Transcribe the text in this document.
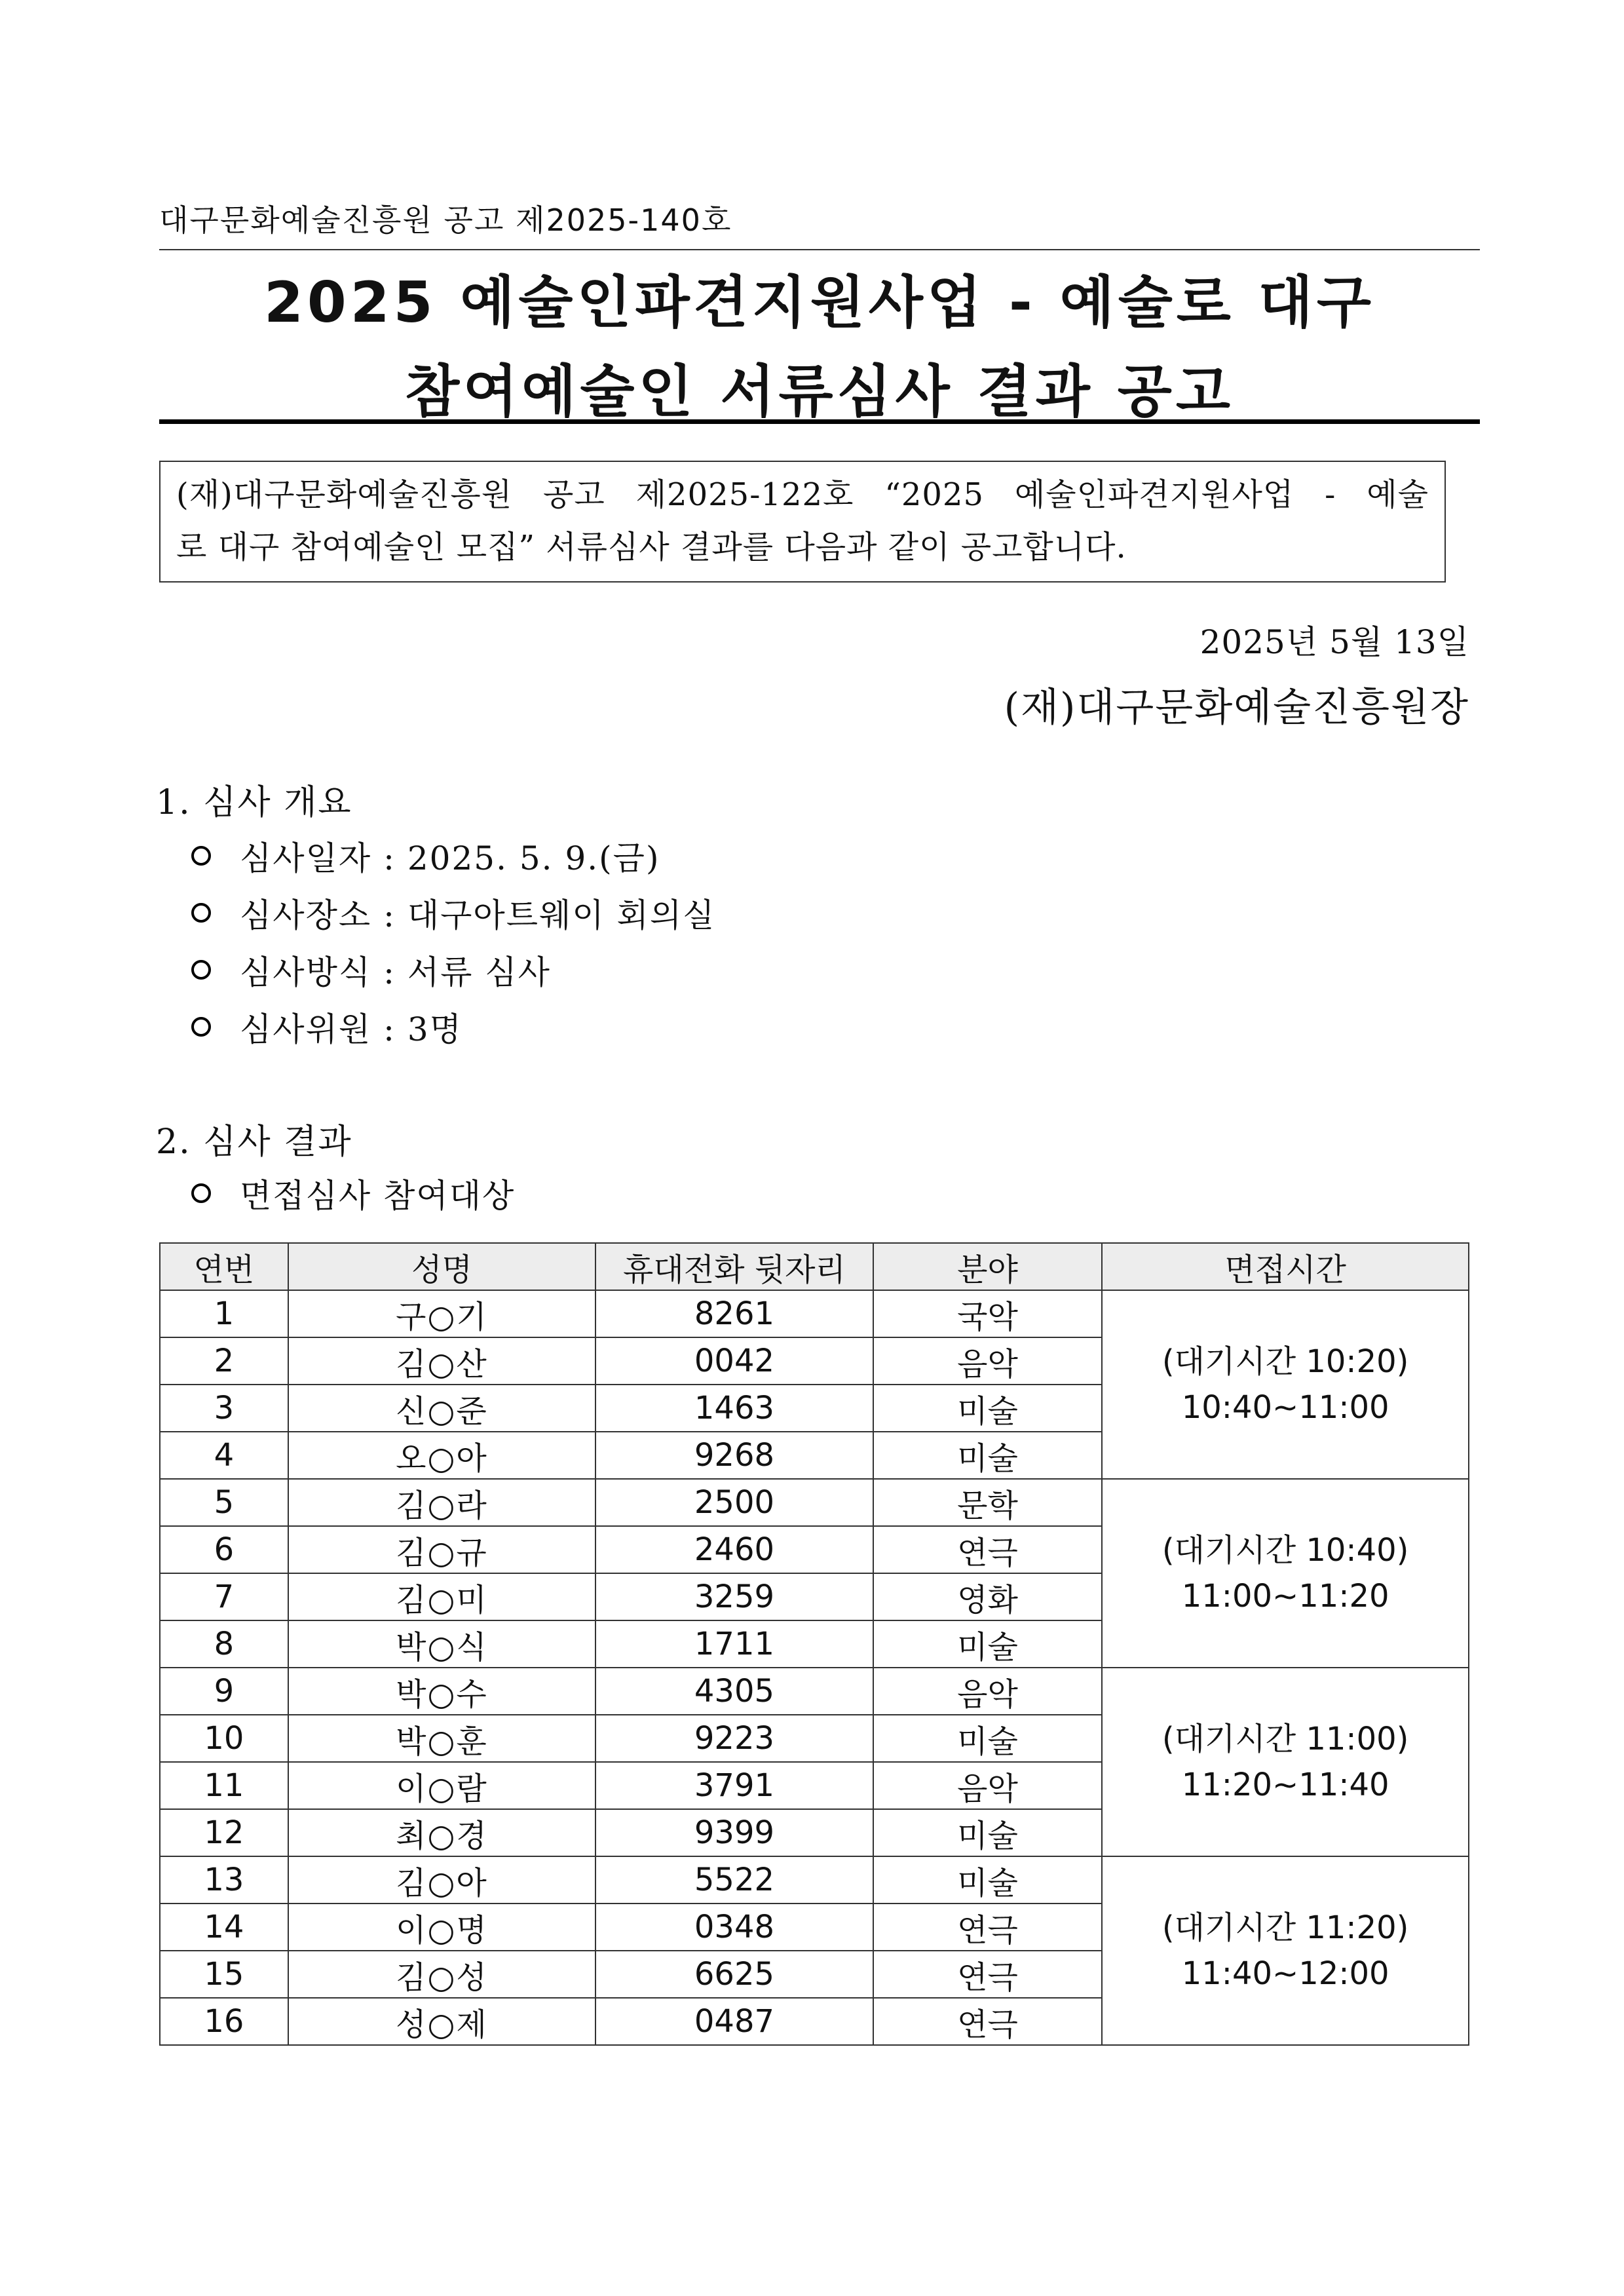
대구문화예술진흥원 공고 제2025-140호
2025 예술인파견지원사업 - 예술로 대구
참여예술인 서류심사 결과 공고
(재)대구문화예술진흥원 공고 제2025-122호 “2025 예술인파견지원사업 - 예술
로 대구 참여예술인 모집” 서류심사 결과를 다음과 같이 공고합니다.
2025년 5월 13일
(재)대구문화예술진흥원장
1. 심사 개요
심사일자 : 2025. 5. 9.(금)
심사장소 : 대구아트웨이 회의실
심사방식 : 서류 심사
심사위원 : 3명
2. 심사 결과
면접심사 참여대상
연번	성명	휴대전화 뒷자리	분야	면접시간
1	구○기	8261	국악	(대기시간 10:20)
10:40~11:00

2	김○산	0042	음악	
3	신○준	1463	미술	
4	오○아	9268	미술	
5	김○라	2500	문학	(대기시간 10:40)
11:00~11:20

6	김○규	2460	연극	
7	김○미	3259	영화	
8	박○식	1711	미술	
9	박○수	4305	음악	(대기시간 11:00)
11:20~11:40

10	박○훈	9223	미술	
11	이○람	3791	음악	
12	최○경	9399	미술	
13	김○아	5522	미술	(대기시간 11:20)
11:40~12:00

14	이○명	0348	연극	
15	김○성	6625	연극	
16	성○제	0487	연극	
